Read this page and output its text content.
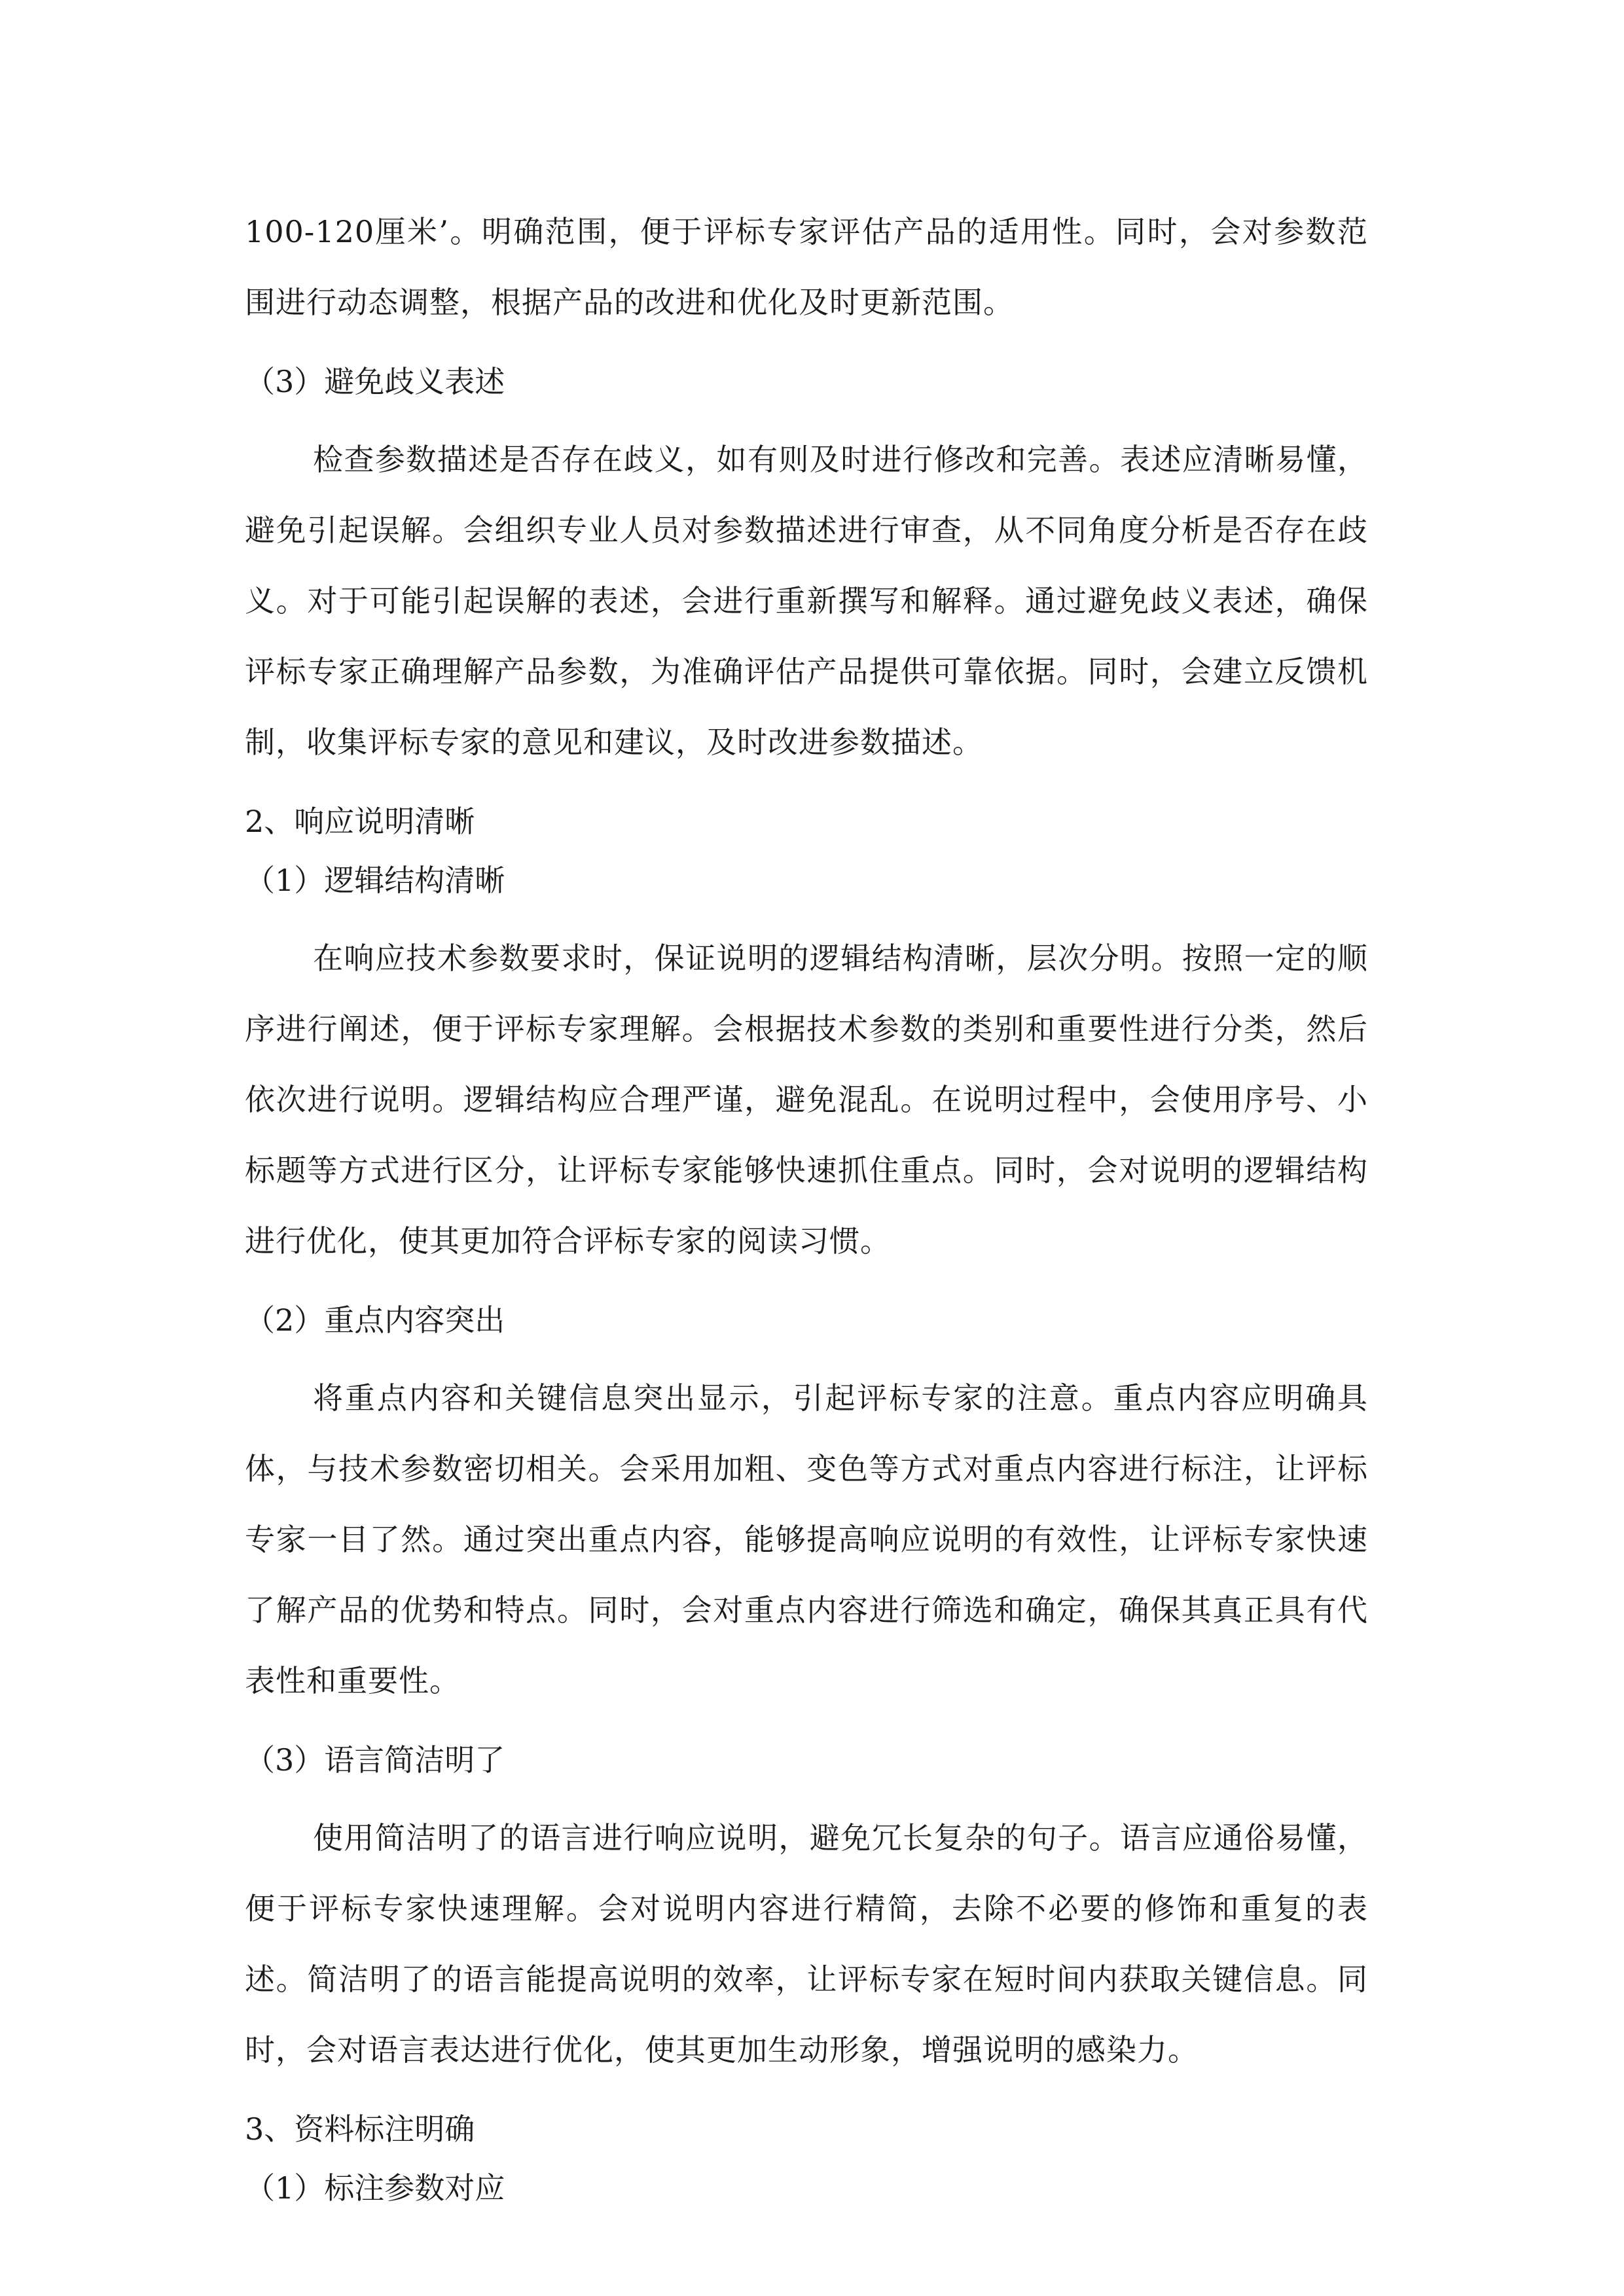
100-120厘米’。明确范围，便于评标专家评估产品的适用性。同时，会对参数范围进行动态调整，根据产品的改进和优化及时更新范围。

（3）避免歧义表述

检查参数描述是否存在歧义，如有则及时进行修改和完善。表述应清晰易懂，避免引起误解。会组织专业人员对参数描述进行审查，从不同角度分析是否存在歧义。对于可能引起误解的表述，会进行重新撰写和解释。通过避免歧义表述，确保评标专家正确理解产品参数，为准确评估产品提供可靠依据。同时，会建立反馈机制，收集评标专家的意见和建议，及时改进参数描述。

2、响应说明清晰

（1）逻辑结构清晰

在响应技术参数要求时，保证说明的逻辑结构清晰，层次分明。按照一定的顺序进行阐述，便于评标专家理解。会根据技术参数的类别和重要性进行分类，然后依次进行说明。逻辑结构应合理严谨，避免混乱。在说明过程中，会使用序号、小标题等方式进行区分，让评标专家能够快速抓住重点。同时，会对说明的逻辑结构进行优化，使其更加符合评标专家的阅读习惯。

（2）重点内容突出

将重点内容和关键信息突出显示，引起评标专家的注意。重点内容应明确具体，与技术参数密切相关。会采用加粗、变色等方式对重点内容进行标注，让评标专家一目了然。通过突出重点内容，能够提高响应说明的有效性，让评标专家快速了解产品的优势和特点。同时，会对重点内容进行筛选和确定，确保其真正具有代表性和重要性。

（3）语言简洁明了

使用简洁明了的语言进行响应说明，避免冗长复杂的句子。语言应通俗易懂，便于评标专家快速理解。会对说明内容进行精简，去除不必要的修饰和重复的表述。简洁明了的语言能提高说明的效率，让评标专家在短时间内获取关键信息。同时，会对语言表达进行优化，使其更加生动形象，增强说明的感染力。

3、资料标注明确

（1）标注参数对应
